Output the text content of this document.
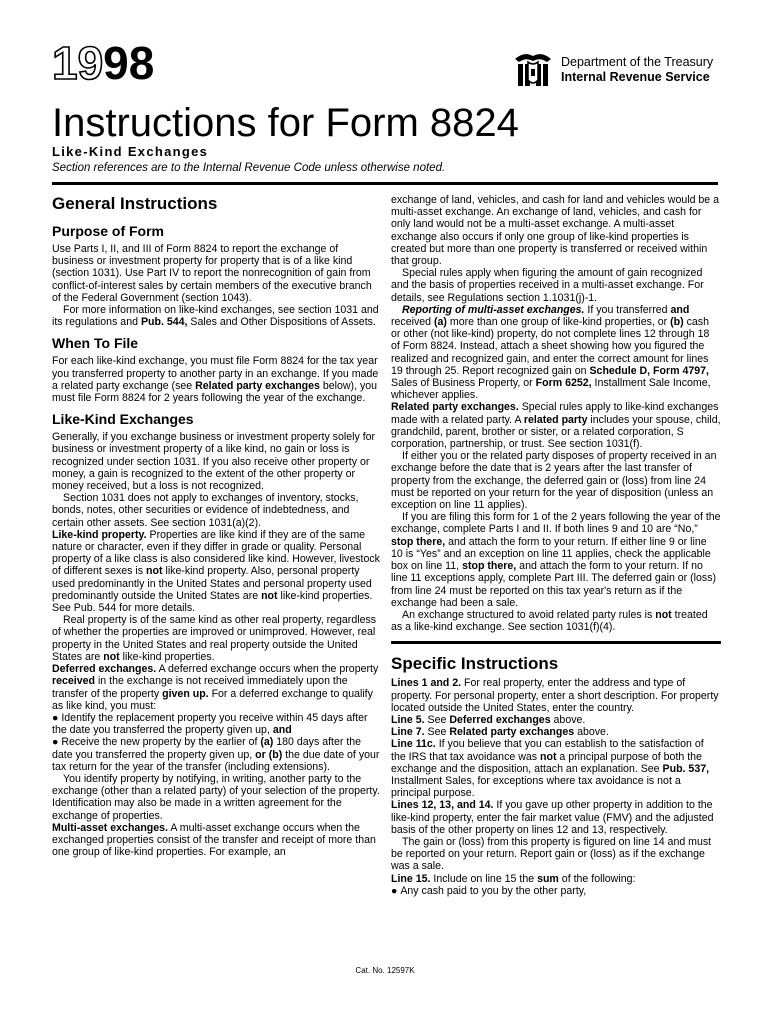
1998	Department of the Treasury
Internal Revenue Service
Instructions for Form 8824
Like-Kind Exchanges
Section references are to the Internal Revenue Code unless otherwise noted.
General Instructions
Purpose of Form

Use Parts I, II, and III of Form 8824 to report the exchange of business or investment property for property that is of a like kind (section 1031). Use Part IV to report the nonrecognition of gain from conflict-of-interest sales by certain members of the executive branch of the Federal Government (section 1043).

For more information on like-kind exchanges, see section 1031 and its regulations and Pub. 544, Sales and Other Dispositions of Assets.

When To File

For each like-kind exchange, you must file Form 8824 for the tax year you transferred property to another party in an exchange. If you made a related party exchange (see Related party exchanges below), you must file Form 8824 for 2 years following the year of the exchange.

Like-Kind Exchanges

Generally, if you exchange business or investment property solely for business or investment property of a like kind, no gain or loss is recognized under section 1031. If you also receive other property or money, a gain is recognized to the extent of the other property or money received, but a loss is not recognized.

Section 1031 does not apply to exchanges of inventory, stocks, bonds, notes, other securities or evidence of indebtedness, and certain other assets. See section 1031(a)(2).

Like-kind property. Properties are like kind if they are of the same nature or character, even if they differ in grade or quality. Personal property of a like class is also considered like kind. However, livestock of different sexes is not like-kind property. Also, personal property used predominantly in the United States and personal property used predominantly outside the United States are not like-kind properties. See Pub. 544 for more details.

Real property is of the same kind as other real property, regardless of whether the properties are improved or unimproved. However, real property in the United States and real property outside the United States are not like-kind properties.

Deferred exchanges. A deferred exchange occurs when the property received in the exchange is not received immediately upon the transfer of the property given up. For a deferred exchange to qualify as like kind, you must:

● Identify the replacement property you receive within 45 days after the date you transferred the property given up, and

● Receive the new property by the earlier of (a) 180 days after the date you transferred the property given up, or (b) the due date of your tax return for the year of the transfer (including extensions).

You identify property by notifying, in writing, another party to the exchange (other than a related party) of your selection of the property. Identification may also be made in a written agreement for the exchange of properties.

Multi-asset exchanges. A multi-asset exchange occurs when the exchanged properties consist of the transfer and receipt of more than one group of like-kind properties. For example, an

exchange of land, vehicles, and cash for land and vehicles would be a multi-asset exchange. An exchange of land, vehicles, and cash for only land would not be a multi-asset exchange. A multi-asset exchange also occurs if only one group of like-kind properties is created but more than one property is transferred or received within that group.

Special rules apply when figuring the amount of gain recognized and the basis of properties received in a multi-asset exchange. For details, see Regulations section 1.1031(j)-1.

Reporting of multi-asset exchanges. If you transferred and received (a) more than one group of like-kind properties, or (b) cash or other (not like-kind) property, do not complete lines 12 through 18 of Form 8824. Instead, attach a sheet showing how you figured the realized and recognized gain, and enter the correct amount for lines 19 through 25. Report recognized gain on Schedule D, Form 4797, Sales of Business Property, or Form 6252, Installment Sale Income, whichever applies.

Related party exchanges. Special rules apply to like-kind exchanges made with a related party. A related party includes your spouse, child, grandchild, parent, brother or sister, or a related corporation, S corporation, partnership, or trust. See section 1031(f).

If either you or the related party disposes of property received in an exchange before the date that is 2 years after the last transfer of property from the exchange, the deferred gain or (loss) from line 24 must be reported on your return for the year of disposition (unless an exception on line 11 applies).

If you are filing this form for 1 of the 2 years following the year of the exchange, complete Parts I and II. If both lines 9 and 10 are “No,” stop there, and attach the form to your return. If either line 9 or line 10 is “Yes” and an exception on line 11 applies, check the applicable box on line 11, stop there, and attach the form to your return. If no line 11 exceptions apply, complete Part III. The deferred gain or (loss) from line 24 must be reported on this tax year's return as if the exchange had been a sale.

An exchange structured to avoid related party rules is not treated as a like-kind exchange. See section 1031(f)(4).

Specific Instructions

Lines 1 and 2. For real property, enter the address and type of property. For personal property, enter a short description. For property located outside the United States, enter the country.

Line 5. See Deferred exchanges above.

Line 7. See Related party exchanges above.

Line 11c. If you believe that you can establish to the satisfaction of the IRS that tax avoidance was not a principal purpose of both the exchange and the disposition, attach an explanation. See Pub. 537, Installment Sales, for exceptions where tax avoidance is not a principal purpose.

Lines 12, 13, and 14. If you gave up other property in addition to the like-kind property, enter the fair market value (FMV) and the adjusted basis of the other property on lines 12 and 13, respectively.

The gain or (loss) from this property is figured on line 14 and must be reported on your return. Report gain or (loss) as if the exchange was a sale.

Line 15. Include on line 15 the sum of the following:

● Any cash paid to you by the other party,

Cat. No. 12597K
